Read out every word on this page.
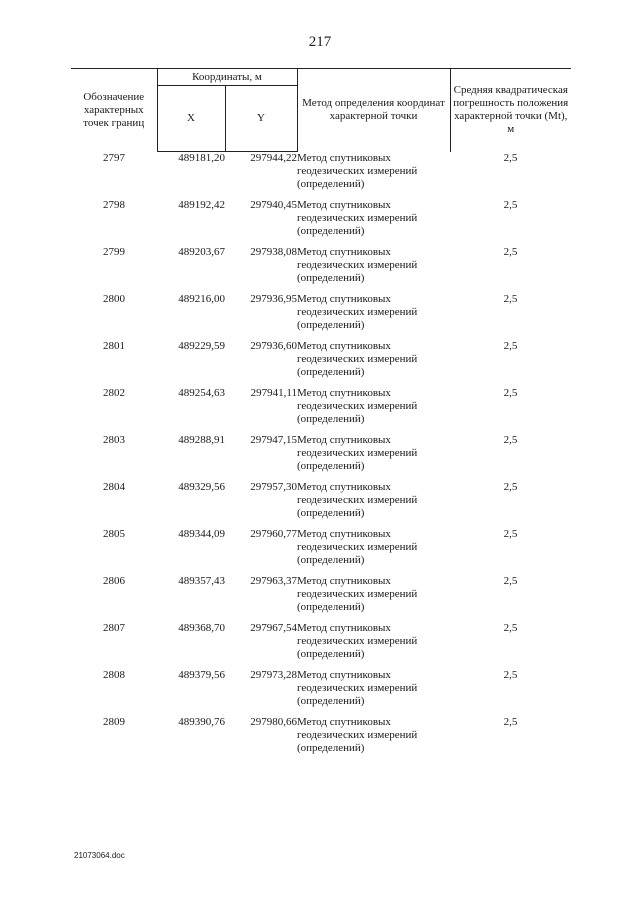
217
Обозначение характерных точек границ	Координаты, м		Метод определения координат характерной точки	Средняя квадратическая погрешность положения характерной точки (Mt), м
	X	Y		
2797	489181,20	297944,22	Метод спутниковых геодезических измерений (определений)	2,5
2798	489192,42	297940,45	Метод спутниковых геодезических измерений (определений)	2,5
2799	489203,67	297938,08	Метод спутниковых геодезических измерений (определений)	2,5
2800	489216,00	297936,95	Метод спутниковых геодезических измерений (определений)	2,5
2801	489229,59	297936,60	Метод спутниковых геодезических измерений (определений)	2,5
2802	489254,63	297941,11	Метод спутниковых геодезических измерений (определений)	2,5
2803	489288,91	297947,15	Метод спутниковых геодезических измерений (определений)	2,5
2804	489329,56	297957,30	Метод спутниковых геодезических измерений (определений)	2,5
2805	489344,09	297960,77	Метод спутниковых геодезических измерений (определений)	2,5
2806	489357,43	297963,37	Метод спутниковых геодезических измерений (определений)	2,5
2807	489368,70	297967,54	Метод спутниковых геодезических измерений (определений)	2,5
2808	489379,56	297973,28	Метод спутниковых геодезических измерений (определений)	2,5
2809	489390,76	297980,66	Метод спутниковых геодезических измерений (определений)	2,5
21073064.doc
